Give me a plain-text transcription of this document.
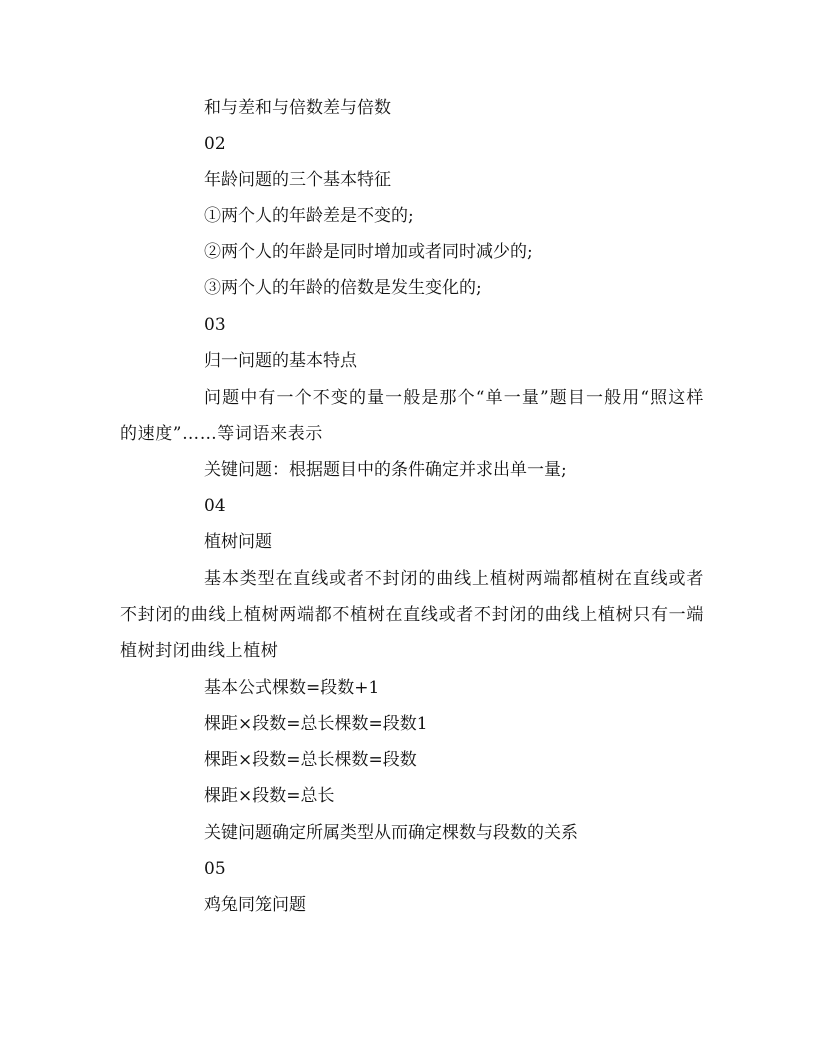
和与差和与倍数差与倍数
02
年龄问题的三个基本特征
①两个人的年龄差是不变的;
②两个人的年龄是同时增加或者同时减少的;
③两个人的年龄的倍数是发生变化的;
03
归一问题的基本特点
问题中有一个不变的量一般是那个“单一量”题目一般用“照这样的速度”……等词语来表示
关键问题：根据题目中的条件确定并求出单一量;
04
植树问题
基本类型在直线或者不封闭的曲线上植树两端都植树在直线或者不封闭的曲线上植树两端都不植树在直线或者不封闭的曲线上植树只有一端植树封闭曲线上植树
基本公式棵数=段数+1
棵距×段数=总长棵数=段数1
棵距×段数=总长棵数=段数
棵距×段数=总长
关键问题确定所属类型从而确定棵数与段数的关系
05
鸡兔同笼问题
